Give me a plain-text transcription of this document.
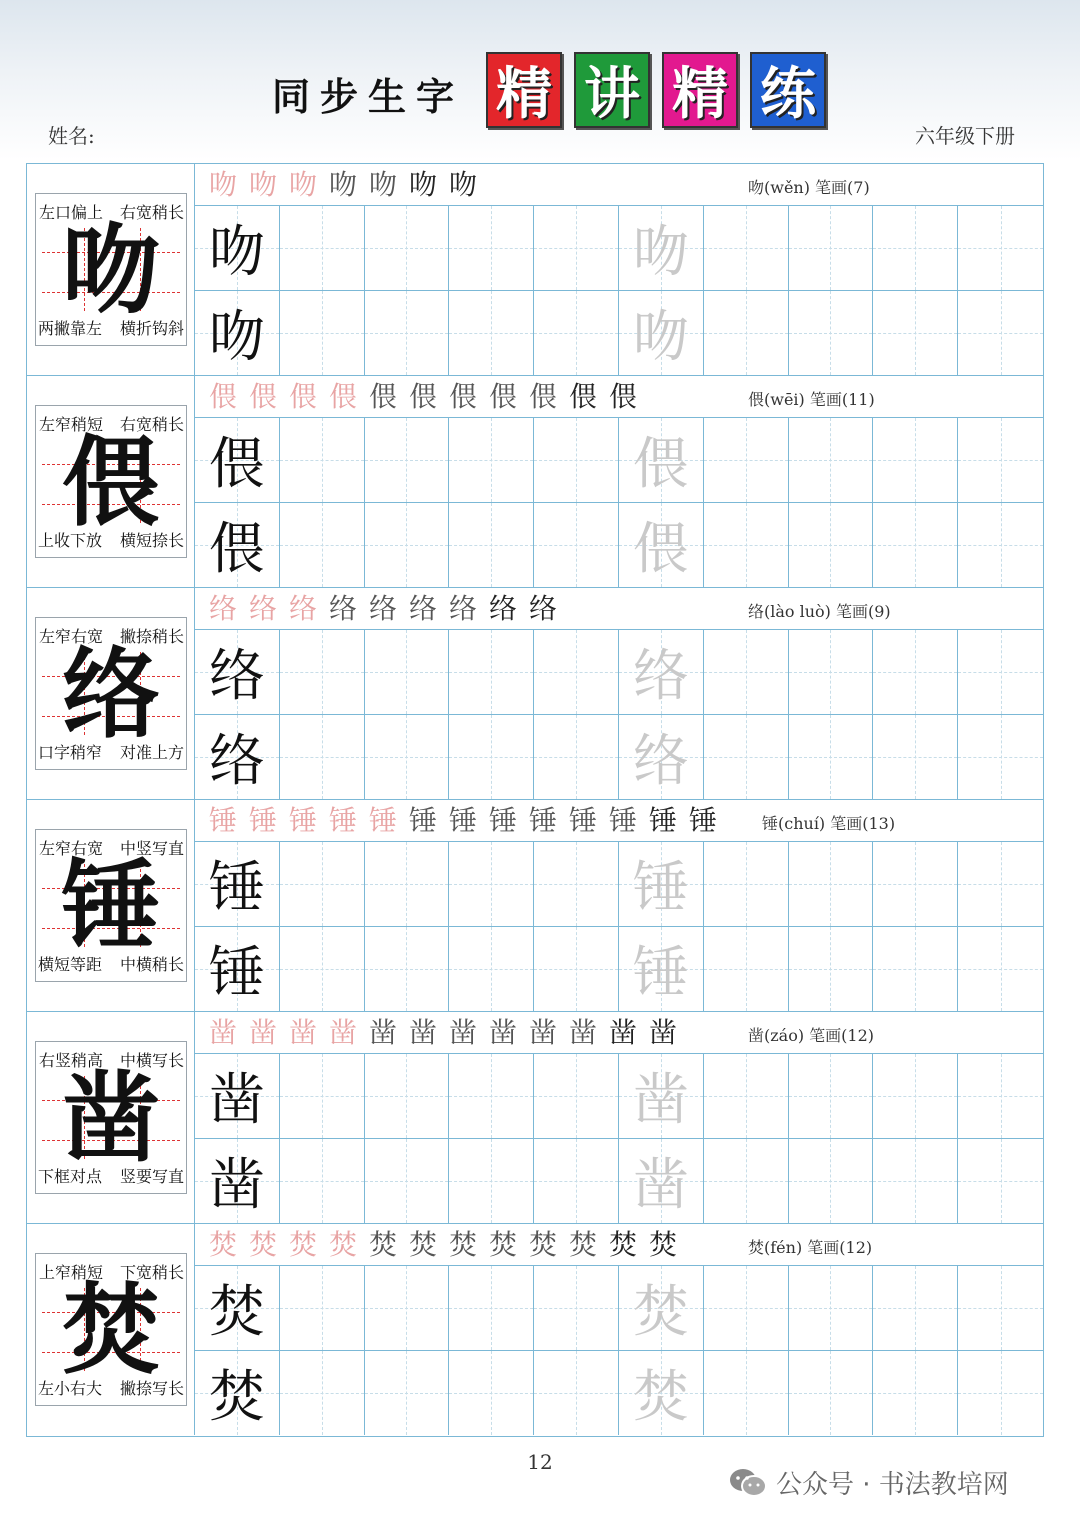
同步生字 精 讲 精 练
姓名:	六年级下册
左口偏上 右宽稍长
两撇靠左 横折钩斜
吻
吻 吻 吻 吻 吻 吻 吻	吻(wěn) 笔画(7)
吻	吻
吻	吻
左窄稍短 右宽稍长
上收下放 横短捺长
偎
偎 偎 偎 偎 偎 偎 偎 偎 偎 偎 偎	偎(wēi) 笔画(11)
偎	偎
偎	偎
左窄右宽 撇捺稍长
口字稍窄 对准上方
络
络 络 络 络 络 络 络 络 络	络(lào luò) 笔画(9)
络	络
络	络
左窄右宽 中竖写直
横短等距 中横稍长
锤
锤 锤 锤 锤 锤 锤 锤 锤 锤 锤 锤 锤 锤	锤(chuí) 笔画(13)
锤	锤
锤	锤
右竖稍高 中横写长
下框对点 竖要写直
凿
凿 凿 凿 凿 凿 凿 凿 凿 凿 凿 凿 凿	凿(záo) 笔画(12)
凿	凿
凿	凿
上窄稍短 下宽稍长
左小右大 撇捺写长
焚
焚 焚 焚 焚 焚 焚 焚 焚 焚 焚 焚 焚	焚(fén) 笔画(12)
焚	焚
焚	焚
12
公众号 · 书法教培网
